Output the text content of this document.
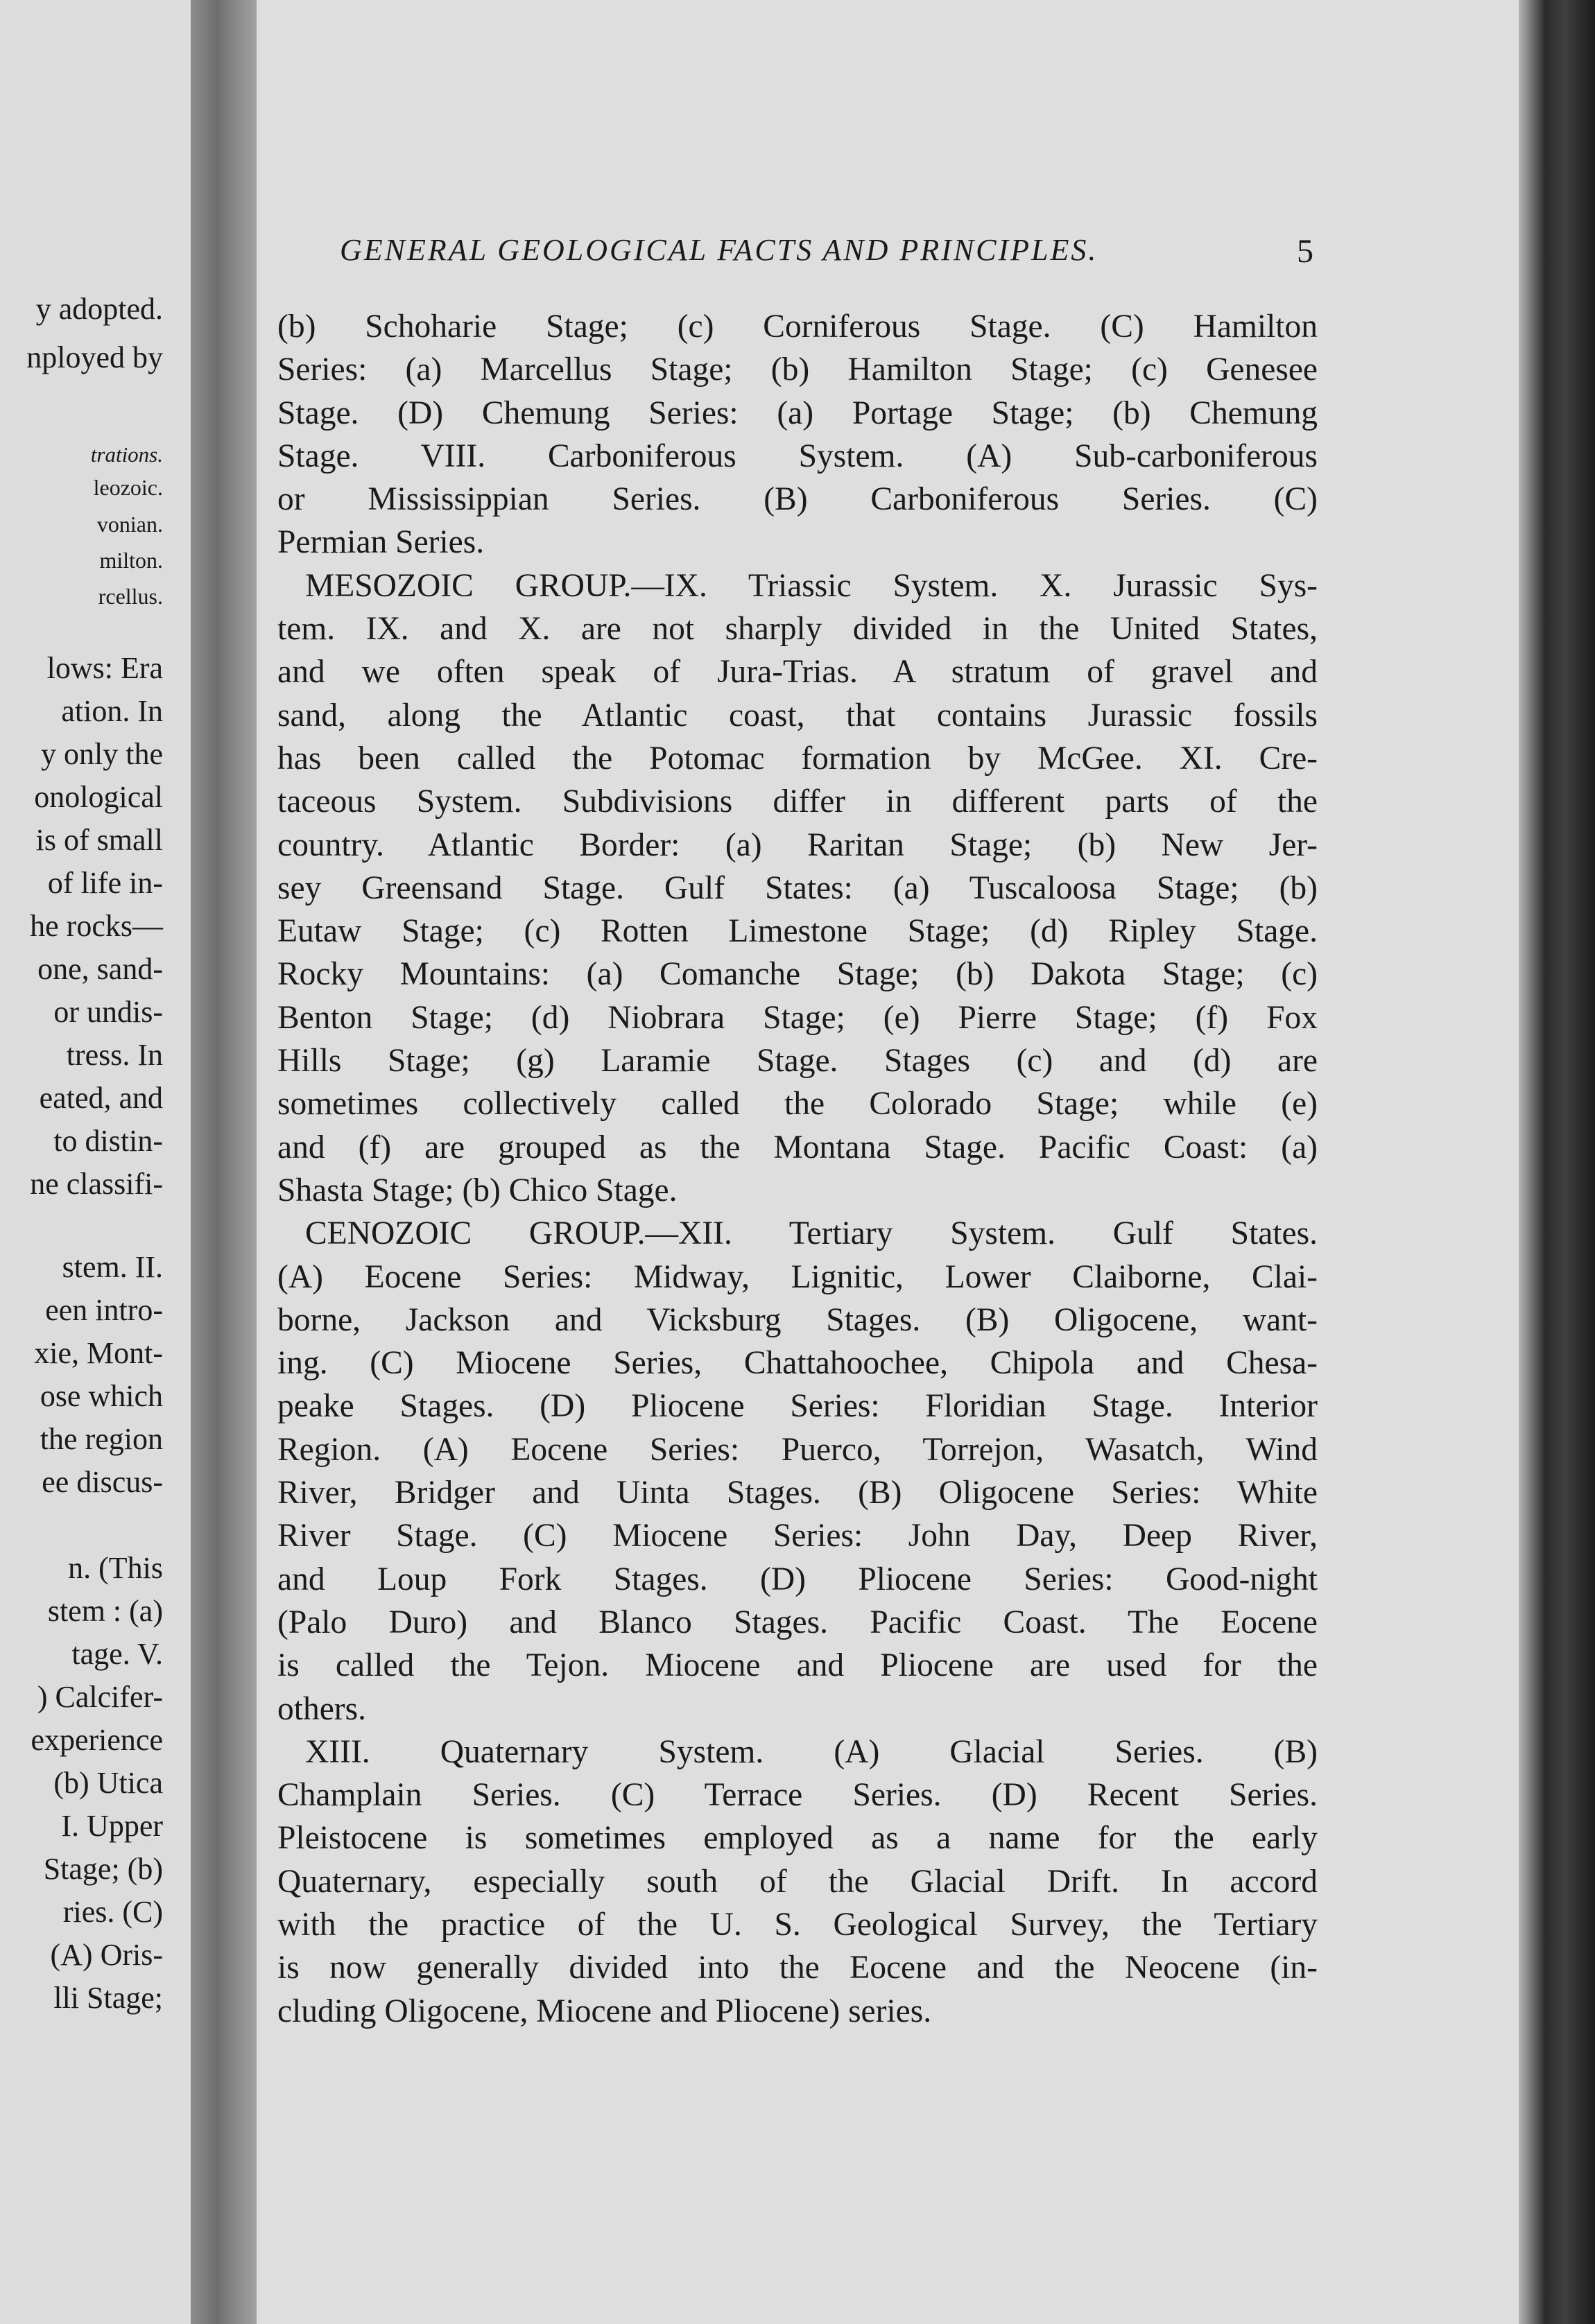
y adopted.
nployed by
trations.
leozoic.
vonian.
milton.
rcellus.
lows: Era
ation. In
y only the
onological
is of small
of life in-
he rocks—
one, sand-
or undis-
tress. In
eated, and
to distin-
ne classifi-
stem. II.
een intro-
xie, Mont-
ose which
the region
ee discus-
n. (This
stem : (a)
tage. V.
) Calcifer-
experience
(b) Utica
I. Upper
Stage; (b)
ries. (C)
(A) Oris-
lli Stage;
GENERAL GEOLOGICAL FACTS AND PRINCIPLES.	5
(b) Schoharie Stage; (c) Corniferous Stage. (C) Hamilton
Series: (a) Marcellus Stage; (b) Hamilton Stage; (c) Genesee
Stage. (D) Chemung Series: (a) Portage Stage; (b) Chemung
Stage. VIII. Carboniferous System. (A) Sub-carboniferous
or Mississippian Series. (B) Carboniferous Series. (C)
Permian Series.
MESOZOIC GROUP.—IX. Triassic System. X. Jurassic Sys-
tem. IX. and X. are not sharply divided in the United States,
and we often speak of Jura-Trias. A stratum of gravel and
sand, along the Atlantic coast, that contains Jurassic fossils
has been called the Potomac formation by McGee. XI. Cre-
taceous System. Subdivisions differ in different parts of the
country. Atlantic Border: (a) Raritan Stage; (b) New Jer-
sey Greensand Stage. Gulf States: (a) Tuscaloosa Stage; (b)
Eutaw Stage; (c) Rotten Limestone Stage; (d) Ripley Stage.
Rocky Mountains: (a) Comanche Stage; (b) Dakota Stage; (c)
Benton Stage; (d) Niobrara Stage; (e) Pierre Stage; (f) Fox
Hills Stage; (g) Laramie Stage. Stages (c) and (d) are
sometimes collectively called the Colorado Stage; while (e)
and (f) are grouped as the Montana Stage. Pacific Coast: (a)
Shasta Stage; (b) Chico Stage.
CENOZOIC GROUP.—XII. Tertiary System. Gulf States.
(A) Eocene Series: Midway, Lignitic, Lower Claiborne, Clai-
borne, Jackson and Vicksburg Stages. (B) Oligocene, want-
ing. (C) Miocene Series, Chattahoochee, Chipola and Chesa-
peake Stages. (D) Pliocene Series: Floridian Stage. Interior
Region. (A) Eocene Series: Puerco, Torrejon, Wasatch, Wind
River, Bridger and Uinta Stages. (B) Oligocene Series: White
River Stage. (C) Miocene Series: John Day, Deep River,
and Loup Fork Stages. (D) Pliocene Series: Good-night
(Palo Duro) and Blanco Stages. Pacific Coast. The Eocene
is called the Tejon. Miocene and Pliocene are used for the
others.
XIII. Quaternary System. (A) Glacial Series. (B)
Champlain Series. (C) Terrace Series. (D) Recent Series.
Pleistocene is sometimes employed as a name for the early
Quaternary, especially south of the Glacial Drift. In accord
with the practice of the U. S. Geological Survey, the Tertiary
is now generally divided into the Eocene and the Neocene (in-
cluding Oligocene, Miocene and Pliocene) series.
